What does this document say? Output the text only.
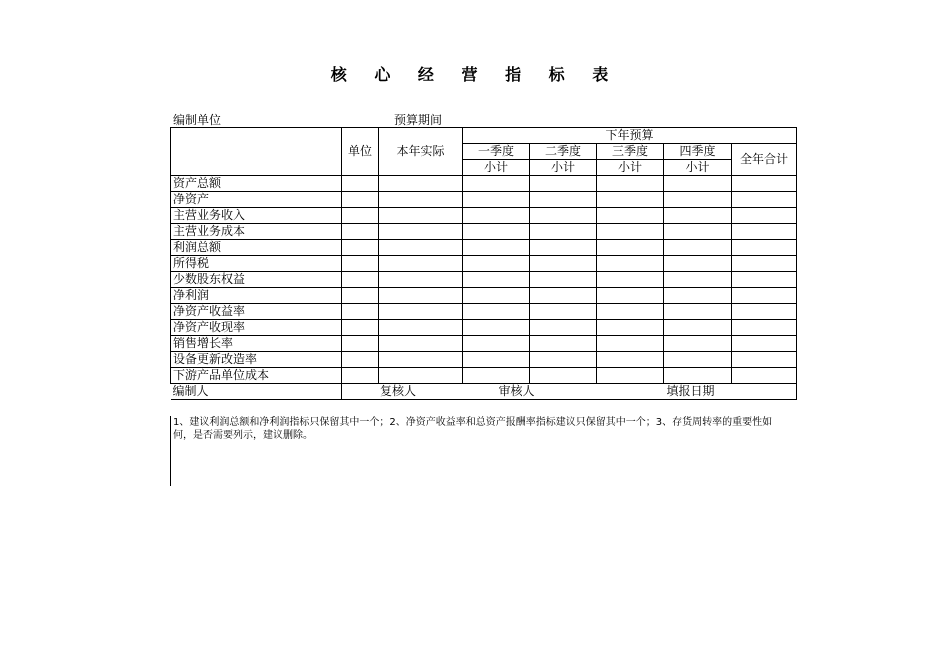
核 心 经 营 指 标 表
编制单位	预算期间
	单位	本年实际	下年预算				
			一季度	二季度	三季度	四季度	全年合计
			小计	小计	小计	小计	
资产总额							
净资产							
主营业务收入							
主营业务成本							
利润总额							
所得税							
少数股东权益							
净利润							
净资产收益率							
净资产收现率							
销售增长率							
设备更新改造率							
下游产品单位成本							
编制人	复核人		审核人		填报日期		
1、建议利润总额和净利润指标只保留其中一个；2、净资产收益率和总资产报酬率指标建议只保留其中一个；3、存货周转率的重要性如何，是否需要列示，建议删除。
